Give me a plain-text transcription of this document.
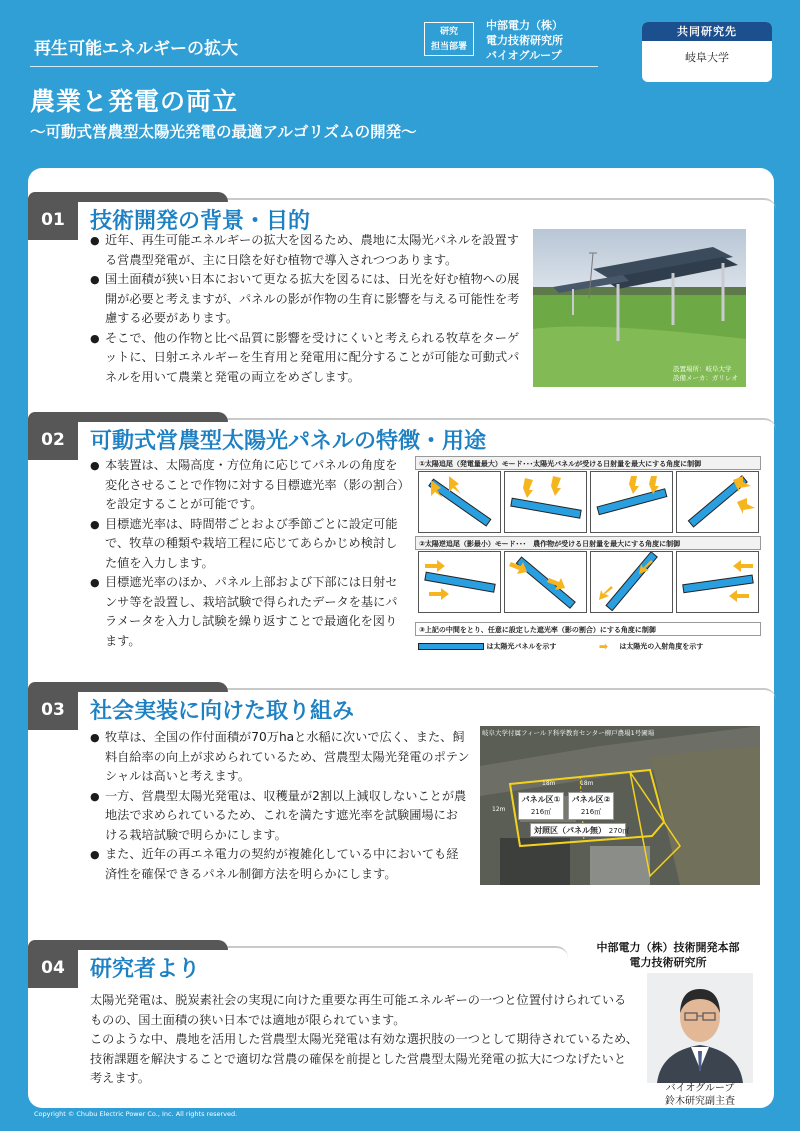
再生可能エネルギーの拡大
研究
担当部署
中部電力（株）
電力技術研究所
バイオグループ
共同研究先
岐阜大学
農業と発電の両立
～可動式営農型太陽光発電の最適アルゴリズムの開発～
01	技術開発の背景・目的
● 近年、再生可能エネルギーの拡大を図るため、農地に太陽光パネルを設置する営農型発電が、主に日陰を好む植物で導入されつつあります。
● 国土面積が狭い日本において更なる拡大を図るには、日光を好む植物への展開が必要と考えますが、パネルの影が作物の生育に影響を与える可能性を考慮する必要があります。
● そこで、他の作物と比べ品質に影響を受けにくいと考えられる牧草をターゲットに、日射エネルギーを生育用と発電用に配分することが可能な可動式パネルを用いて農業と発電の両立をめざします。
設置場所：岐阜大学
設備メーカ：ガリレオ
02	可動式営農型太陽光パネルの特徴・用途
● 本装置は、太陽高度・方位角に応じてパネルの角度を変化させることで作物に対する目標遮光率（影の割合）を設定することが可能です。
● 目標遮光率は、時間帯ごとおよび季節ごとに設定可能で、牧草の種類や栽培工程に応じてあらかじめ検討した値を入力します。
● 目標遮光率のほか、パネル上部および下部には日射センサ等を設置し、栽培試験で得られたデータを基にパラメータを入力し試験を繰り返すことで最適化を図ります。
①太陽追尾（発電量最大）モード･･･太陽光パネルが受ける日射量を最大にする角度に制御
②太陽逆追尾（影最小）モード･･･　農作物が受ける日射量を最大にする角度に制御
③上記の中間をとり、任意に設定した遮光率（影の割合）にする角度に制御
は太陽光パネルを示す	➡ は太陽光の入射角度を示す
03	社会実装に向けた取り組み
● 牧草は、全国の作付面積が70万haと水稲に次いで広く、また、飼料自給率の向上が求められているため、営農型太陽光発電のポテンシャルは高いと考えます。
● 一方、営農型太陽光発電は、収穫量が2割以上減収しないことが農地法で求められているため、これを満たす遮光率を試験圃場における栽培試験で明らかにします。
● また、近年の再エネ電力の契約が複雑化している中においても経済性を確保できるパネル制御方法を明らかにします。
岐阜大学付属フィールド科学教育センター柳戸農場1号圃場
18m	18m
12m
パネル区①
216㎡
パネル区②
216㎡
対照区（パネル無） 270㎡
04	研究者より
太陽光発電は、脱炭素社会の実現に向けた重要な再生可能エネルギーの一つと位置付けられているものの、国土面積の狭い日本では適地が限られています。
このような中、農地を活用した営農型太陽光発電は有効な選択肢の一つとして期待されているため、技術課題を解決することで適切な営農の確保を前提とした営農型太陽光発電の拡大につなげたいと考えます。
中部電力（株）技術開発本部
電力技術研究所
バイオグループ
鈴木研究副主査
Copyright © Chubu Electric Power Co., Inc. All rights reserved.
